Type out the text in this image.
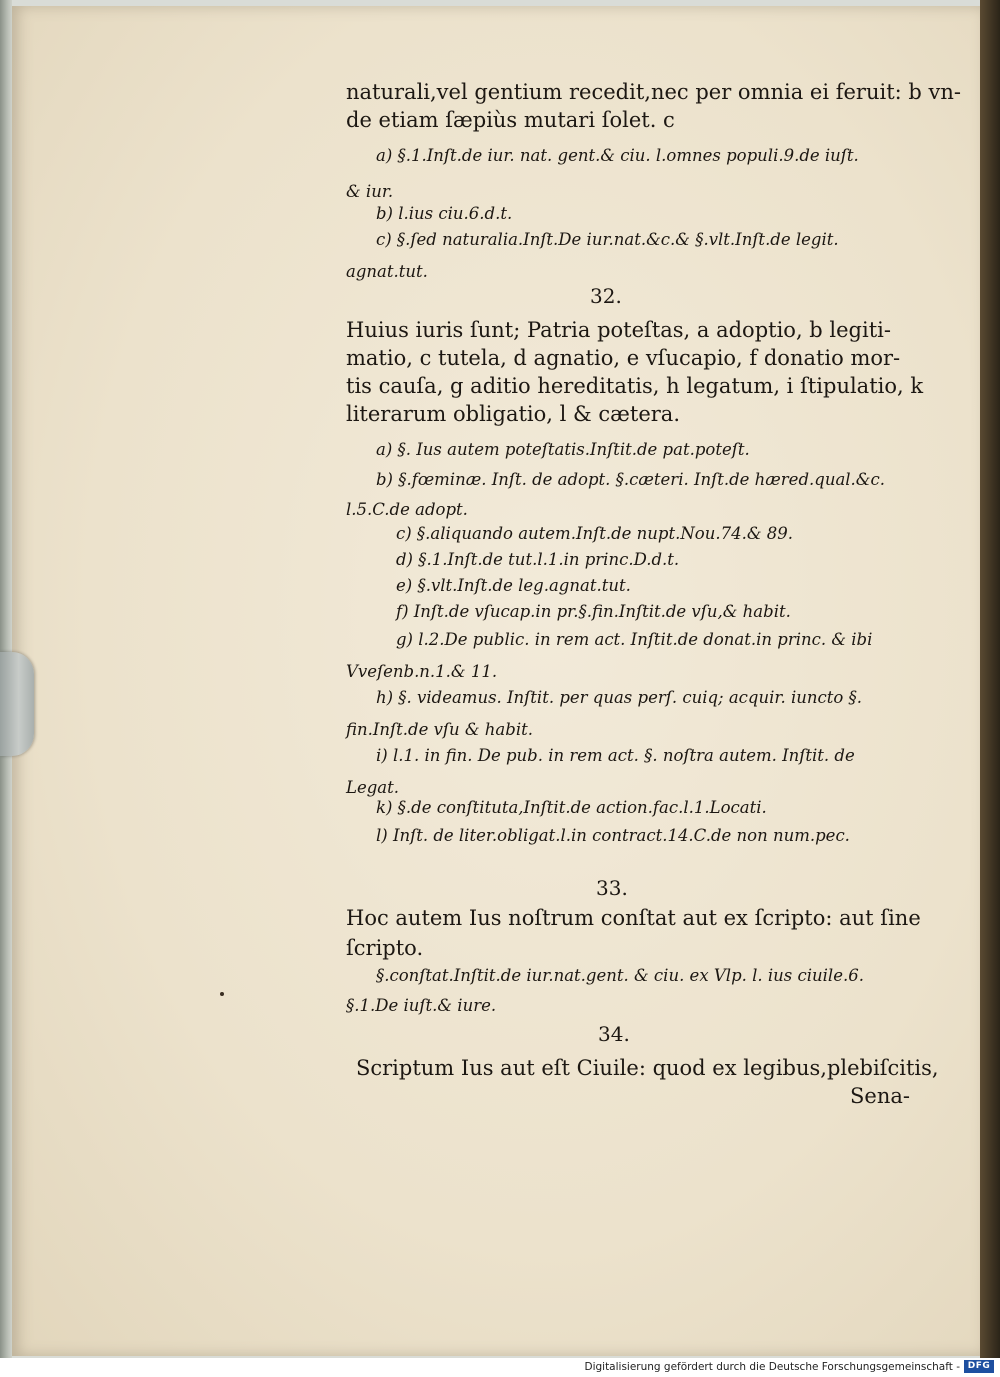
naturali,vel gentium recedit,nec per omnia ei feruit: b vn-
de etiam ſæpiùs mutari ſolet. c
a) §.1.Inſt.de iur. nat. gent.& ciu. l.omnes populi.9.de iuſt.
& iur.
b) l.ius ciu.6.d.t.
c) §.ſed naturalia.Inſt.De iur.nat.&c.& §.vlt.Inſt.de legit.
agnat.tut.
32.
Huius iuris ſunt; Patria poteſtas, a adoptio, b legiti-
matio, c tutela, d agnatio, e vſucapio, f donatio mor-
tis cauſa, g aditio hereditatis, h legatum, i ſtipulatio, k
literarum obligatio, l & cætera.
a) §. Ius autem poteſtatis.Inſtit.de pat.poteſt.
b) §.fœminæ. Inſt. de adopt. §.cæteri. Inſt.de hæred.qual.&c.
l.5.C.de adopt.
c) §.aliquando autem.Inſt.de nupt.Nou.74.& 89.
d) §.1.Inſt.de tut.l.1.in princ.D.d.t.
e) §.vlt.Inſt.de leg.agnat.tut.
f) Inſt.de vſucap.in pr.§.fin.Inſtit.de vſu,& habit.
g) l.2.De public. in rem act. Inſtit.de donat.in princ. & ibi
Vveſenb.n.1.& 11.
h) §. videamus. Inſtit. per quas perſ. cuiq; acquir. iuncto §.
fin.Inſt.de vſu & habit.
i) l.1. in fin. De pub. in rem act. §. noſtra autem. Inſtit. de
Legat.
k) §.de conſtituta,Inſtit.de action.fac.l.1.Locati.
l) Inſt. de liter.obligat.l.in contract.14.C.de non num.pec.
33.
Hoc autem Ius noſtrum conſtat aut ex ſcripto: aut ſine
ſcripto.
§.conſtat.Inſtit.de iur.nat.gent. & ciu. ex Vlp. l. ius ciuile.6.
§.1.De iuſt.& iure.
34.
Scriptum Ius aut eſt Ciuile: quod ex legibus,plebiſcitis,
Sena-
Digitalisierung gefördert durch die Deutsche Forschungsgemeinschaft - DFG
